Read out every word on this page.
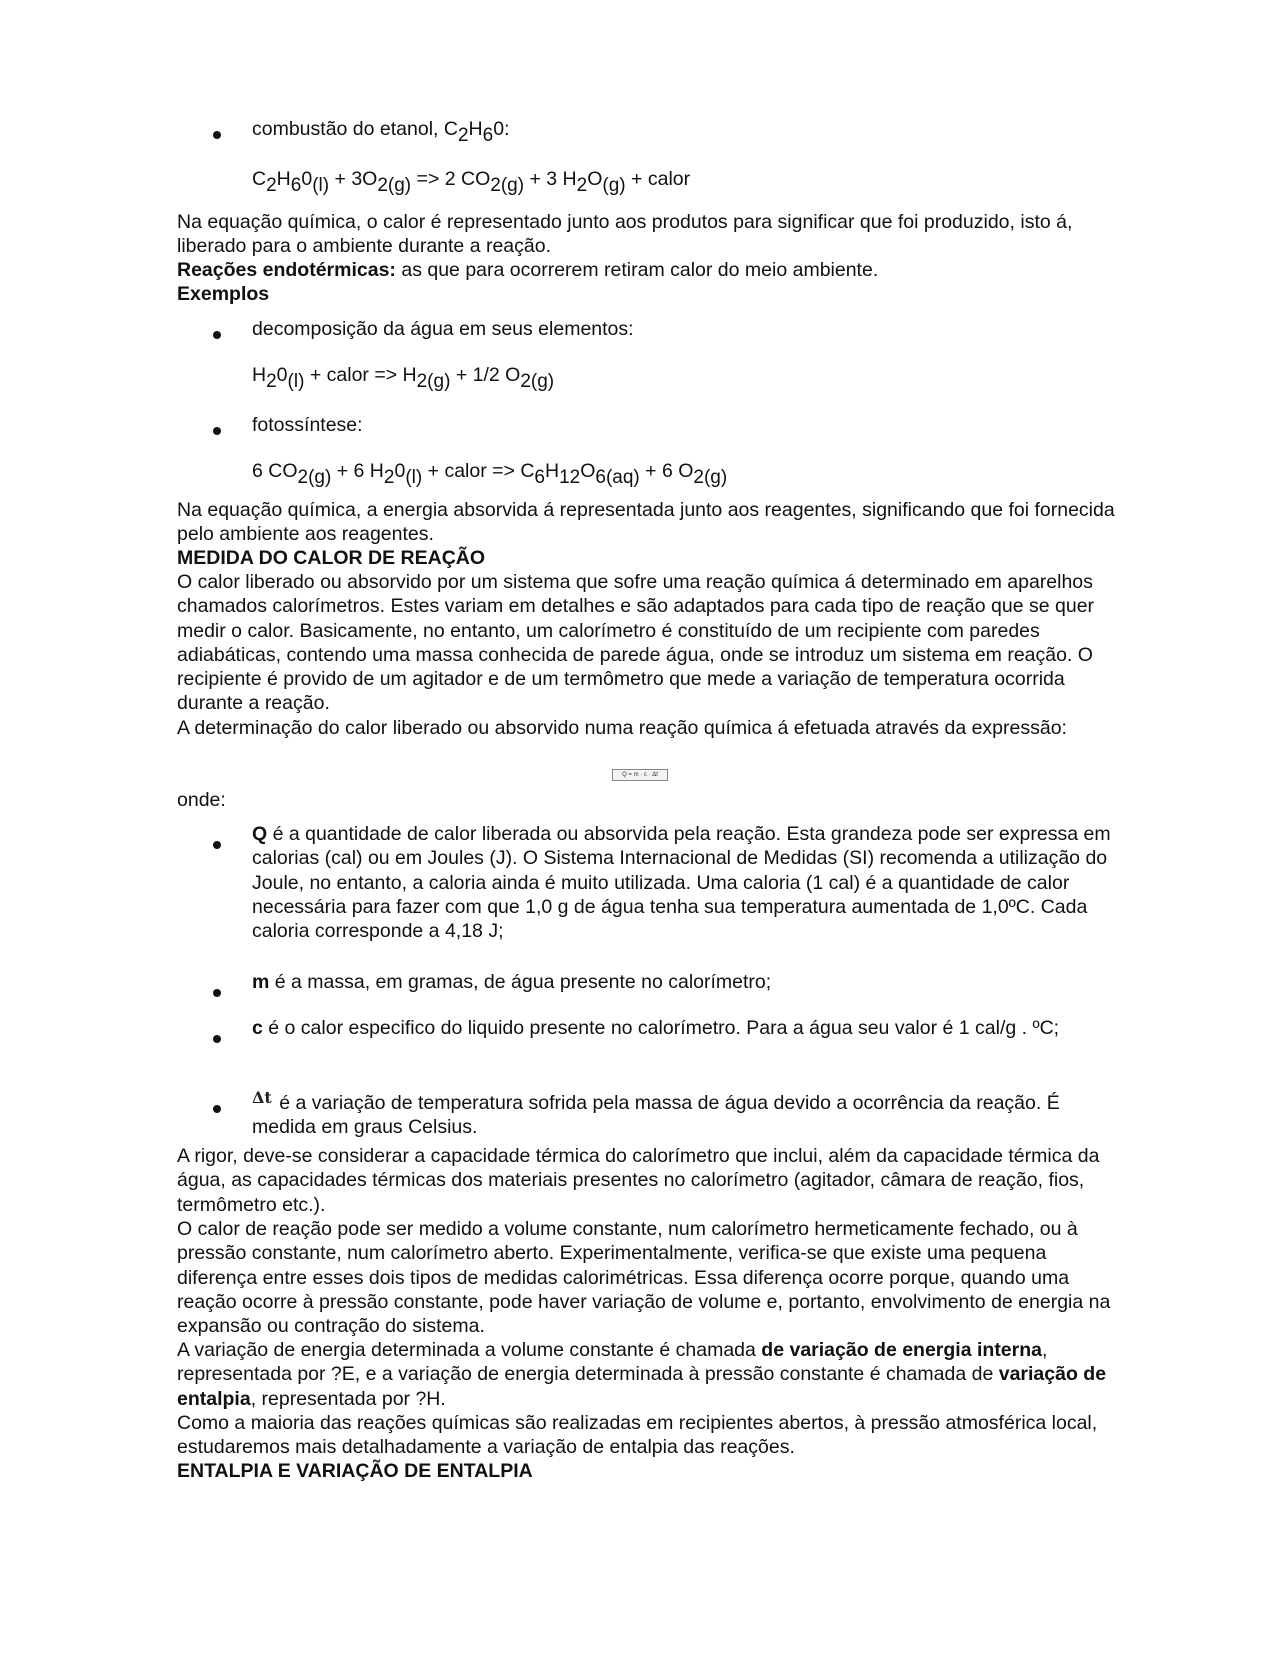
combustão do etanol, $C_2H_60$:
$C_2H_60_{(l)} + 3O_{2(g)} => 2$ $CO_{2(g)} + 3$ $H_2O_{(g)}$ + calor

Na equação química, o calor é representado junto aos produtos para significar que foi produzido, isto á, liberado para o ambiente durante a reação.

Reações endotérmicas: as que para ocorrerem retiram calor do meio ambiente.

Exemplos

decomposição da água em seus elementos:
$H_20_{(l)}$ + calor => $H_{2(g)} + 1/2$ $O_{2(g)}$
fotossíntese:
6 $CO_{2(g)} + 6$ $H_20_{(l)}$ + calor => $C_6H_{12}O_{6(aq)} + 6$ $O_{2(g)}$

Na equação química, a energia absorvida á representada junto aos reagentes, significando que foi fornecida pelo ambiente aos reagentes.

MEDIDA DO CALOR DE REAÇÃO

O calor liberado ou absorvido por um sistema que sofre uma reação química á determinado em aparelhos chamados calorímetros. Estes variam em detalhes e são adaptados para cada tipo de reação que se quer medir o calor. Basicamente, no entanto, um calorímetro é constituído de um recipiente com paredes adiabáticas, contendo uma massa conhecida de parede água, onde se introduz um sistema em reação. O recipiente é provido de um agitador e de um termômetro que mede a variação de temperatura ocorrida durante a reação.

A determinação do calor liberado ou absorvido numa reação química á efetuada através da expressão:

Q = m · c · Δt

onde:

Q é a quantidade de calor liberada ou absorvida pela reação. Esta grandeza pode ser expressa em calorias (cal) ou em Joules (J). O Sistema Internacional de Medidas (SI) recomenda a utilização do Joule, no entanto, a caloria ainda é muito utilizada. Uma caloria (1 cal) é a quantidade de calor necessária para fazer com que 1,0 g de água tenha sua temperatura aumentada de 1,0ºC. Cada caloria corresponde a 4,18 J;
m é a massa, em gramas, de água presente no calorímetro;
c é o calor especifico do liquido presente no calorímetro. Para a água seu valor é 1 cal/g . ºC;
Δt é a variação de temperatura sofrida pela massa de água devido a ocorrência da reação. É medida em graus Celsius.

A rigor, deve-se considerar a capacidade térmica do calorímetro que inclui, além da capacidade térmica da água, as capacidades térmicas dos materiais presentes no calorímetro (agitador, câmara de reação, fios, termômetro etc.).

O calor de reação pode ser medido a volume constante, num calorímetro hermeticamente fechado, ou à pressão constante, num calorímetro aberto. Experimentalmente, verifica-se que existe uma pequena diferença entre esses dois tipos de medidas calorimétricas. Essa diferença ocorre porque, quando uma reação ocorre à pressão constante, pode haver variação de volume e, portanto, envolvimento de energia na expansão ou contração do sistema.

A variação de energia determinada a volume constante é chamada de variação de energia interna, representada por ?E, e a variação de energia determinada à pressão constante é chamada de variação de entalpia, representada por ?H.

Como a maioria das reações químicas são realizadas em recipientes abertos, à pressão atmosférica local, estudaremos mais detalhadamente a variação de entalpia das reações.

ENTALPIA E VARIAÇÃO DE ENTALPIA
